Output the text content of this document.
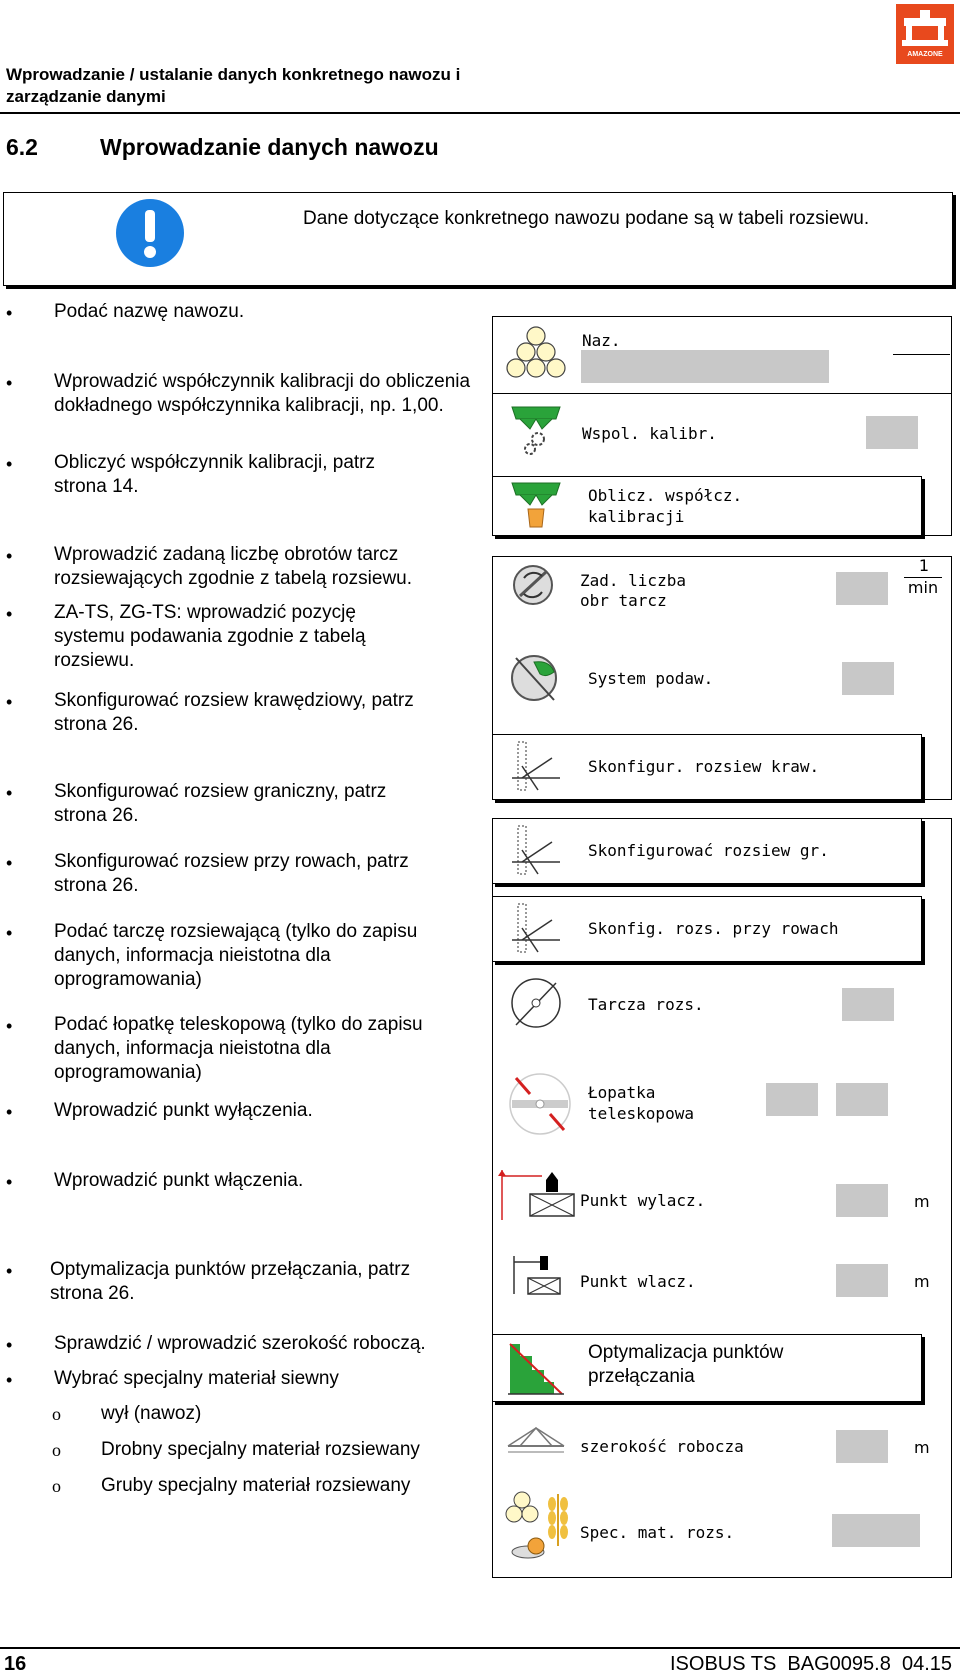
Wprowadzanie / ustalanie danych konkretnego nawozu i zarządzanie danymi
AMAZONE
6.2	Wprowadzanie danych nawozu
Dane dotyczące konkretnego nawozu podane są w tabeli rozsiewu.
• Podać nazwę nawozu.
• Wprowadzić współczynnik kalibracji do obliczenia dokładnego współczynnika kalibracji, np. 1,00.
• Obliczyć współczynnik kalibracji, patrz strona 14.
• Wprowadzić zadaną liczbę obrotów tarcz rozsiewających zgodnie z tabelą rozsiewu.
• ZA-TS, ZG-TS: wprowadzić pozycję systemu podawania zgodnie z tabelą rozsiewu.
• Skonfigurować rozsiew krawędziowy, patrz strona 26.
• Skonfigurować rozsiew graniczny, patrz strona 26.
• Skonfigurować rozsiew przy rowach, patrz strona 26.
• Podać tarczę rozsiewającą (tylko do zapisu danych, informacja nieistotna dla oprogramowania)
• Podać łopatkę teleskopową (tylko do zapisu danych, informacja nieistotna dla oprogramowania)
• Wprowadzić punkt wyłączenia.
• Wprowadzić punkt włączenia.
• Optymalizacja punktów przełączania, patrz strona 26.
• Sprawdzić / wprowadzić szerokość roboczą.
• Wybrać specjalny materiał siewny
o wył (nawoz)
o Drobny specjalny materiał rozsiewany
o Gruby specjalny materiał rozsiewany
Naz.
Wspol. kalibr.
Oblicz. współcz.
kalibracji
Zad. liczba
obr tarcz
1
min
System podaw.
Skonfigur. rozsiew kraw.
Skonfigurować rozsiew gr.
Skonfig. rozs. przy rowach
Tarcza rozs.
Łopatka
teleskopowa
Punkt wylacz.	m
Punkt wlacz.	m
Optymalizacja punktów
przełączania
szerokość robocza	m
Spec. mat. rozs.
16	ISOBUS TS  BAG0095.8  04.15
